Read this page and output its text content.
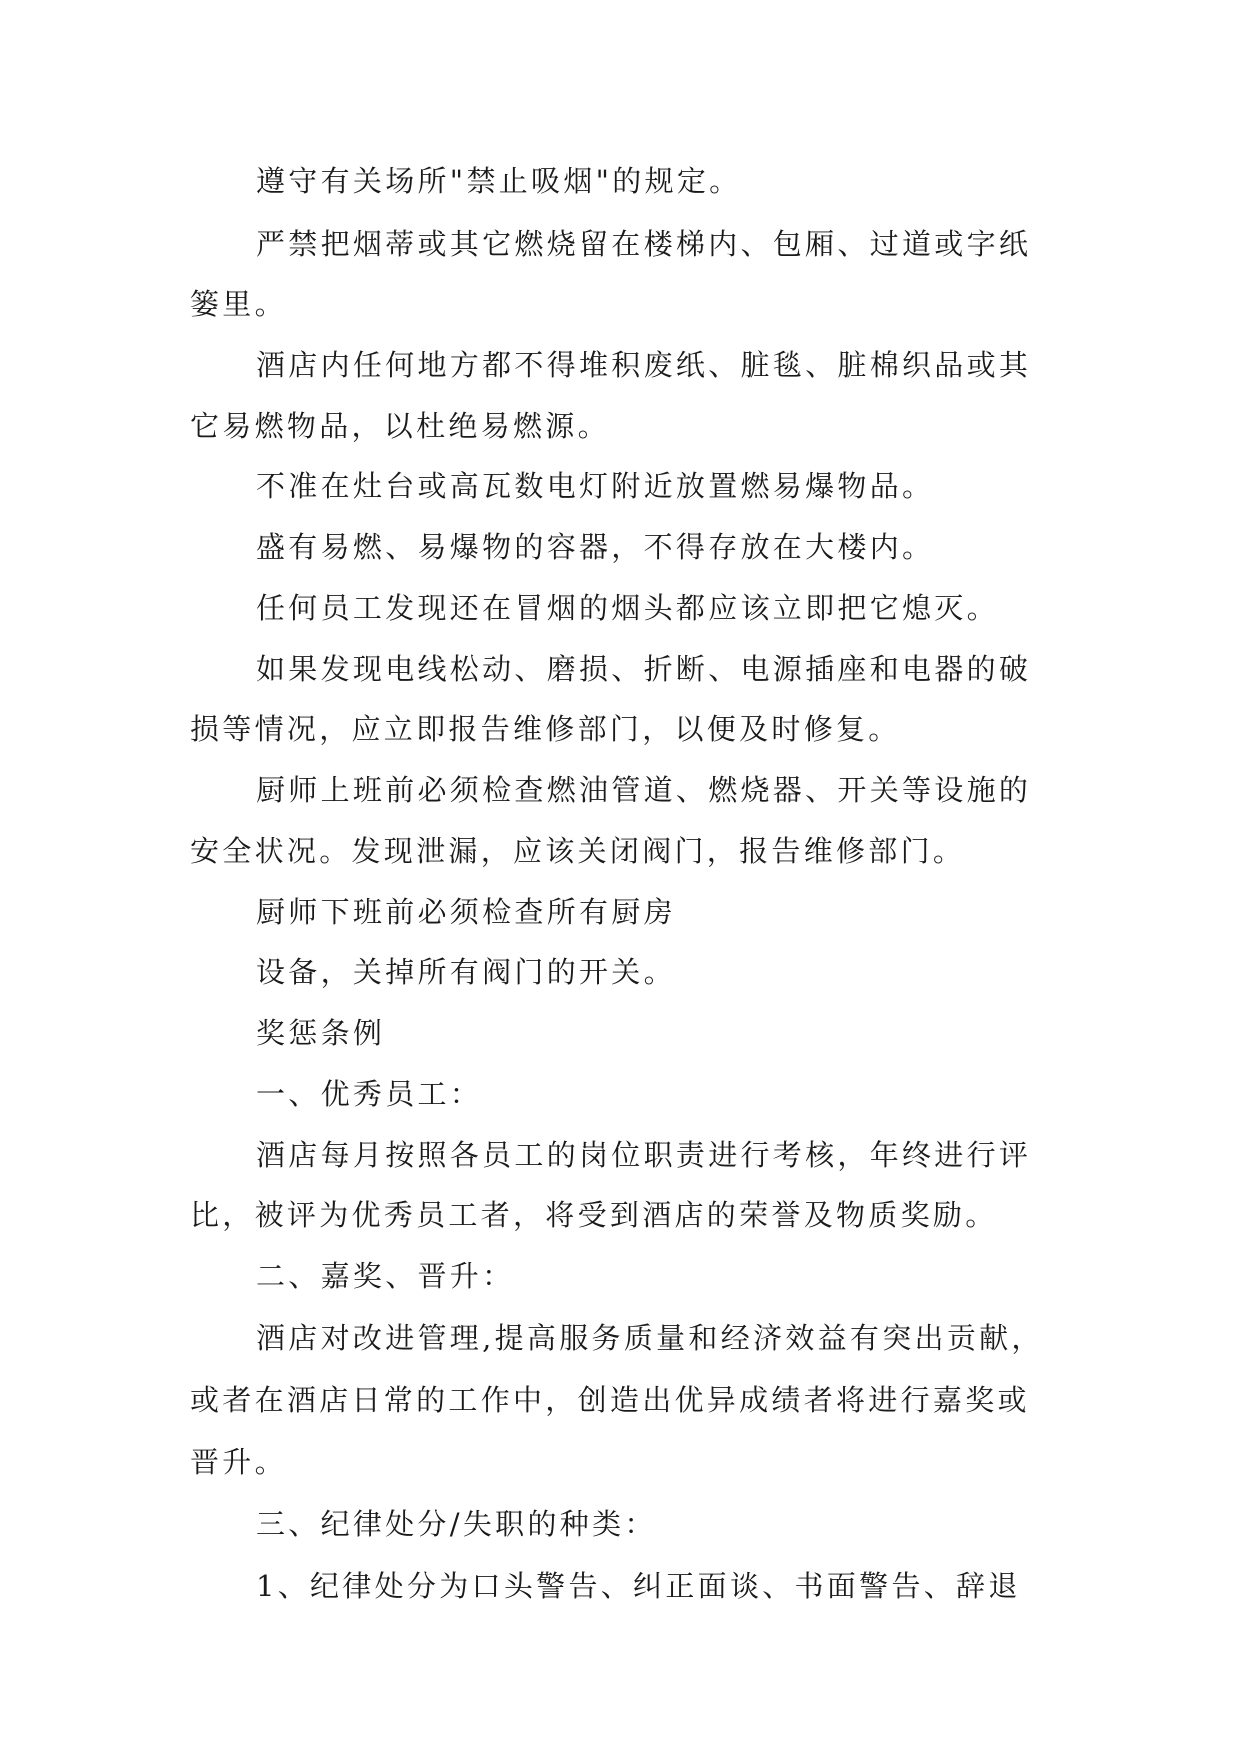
遵守有关场所"禁止吸烟"的规定。
严禁把烟蒂或其它燃烧留在楼梯内、包厢、过道或字纸
篓里。
酒店内任何地方都不得堆积废纸、脏毯、脏棉织品或其
它易燃物品，以杜绝易燃源。
不准在灶台或高瓦数电灯附近放置燃易爆物品。
盛有易燃、易爆物的容器，不得存放在大楼内。
任何员工发现还在冒烟的烟头都应该立即把它熄灭。
如果发现电线松动、磨损、折断、电源插座和电器的破
损等情况，应立即报告维修部门，以便及时修复。
厨师上班前必须检查燃油管道、燃烧器、开关等设施的
安全状况。发现泄漏，应该关闭阀门，报告维修部门。
厨师下班前必须检查所有厨房
设备，关掉所有阀门的开关。
奖惩条例
一、优秀员工：
酒店每月按照各员工的岗位职责进行考核，年终进行评
比，被评为优秀员工者，将受到酒店的荣誉及物质奖励。
二、嘉奖、晋升：
酒店对改进管理,提高服务质量和经济效益有突出贡献，
或者在酒店日常的工作中，创造出优异成绩者将进行嘉奖或
晋升。
三、纪律处分/失职的种类：
1、纪律处分为口头警告、纠正面谈、书面警告、辞退
